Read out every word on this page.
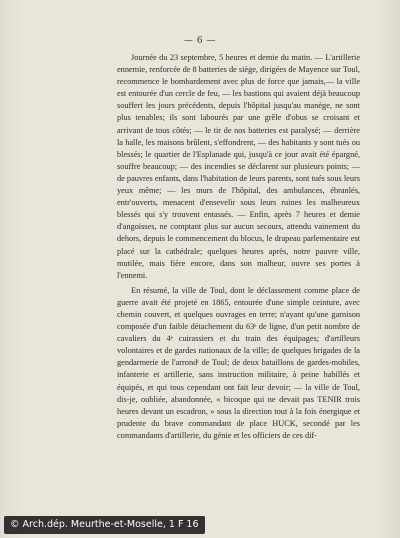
— 6 —

Journée du 23 septembre, 5 heures et demie du matin. — L'artillerie ennemie, renforcée de 8 batteries de siège, dirigées de Mayence sur Toul, recommence le bombardement avec plus de force que jamais,— la ville est entourée d'un cercle de feu, — les bastions qui avaient déjà beaucoup souffert les jours précédents, depuis l'hôpital jusqu'au manège, ne sont plus tenables; ils sont labourés par une grêle d'obus se croisant et arrivant de tous côtés; — le tir de nos batteries est paralysé; — derrière la halle, les maisons brûlent, s'effondrent, — des habitants y sont tués ou blessés; le quartier de l'Esplanade qui, jusqu'à ce jour avait été épargné, souffre beaucoup; — des incendies se déclarent sur plusieurs points; — de pauvres enfants, dans l'habitation de leurs parents, sont tués sous leurs yeux même; — les murs de l'hôpital, des ambulances, ébranlés, entr'ouverts, menacent d'ensevelir sous leurs ruines les malheureux blessés qui s'y trouvent entassés. — Enfin, après 7 heures et demie d'angoisses, ne comptant plus sur aucun secours, attendu vainement du dehors, depuis le commencement du blocus, le drapeau parlementaire est placé sur la cathédrale; quelques heures après, notre pauvre ville, mutilée, mais fière encore, dans son malheur, ouvre ses portes à l'ennemi.

En résumé, la ville de Toul, dont le déclassement comme place de guerre avait été projeté en 1865, entourée d'une simple ceinture, avec chemin couvert, et quelques ouvrages en terre; n'ayant qu'une garnison composée d'un faible détachement du 63ᵉ de ligne, d'un petit nombre de cavaliers du 4ᵉ cuirassiers et du train des équipages; d'artilleurs volontaires et de gardes nationaux de la ville; de quelques brigades de la gendarmerie de l'arrondᵗ de Toul; de deux bataillons de gardes-mobiles, infanterie et artillerie, sans instruction militaire, à peine habillés et équipés, et qui tous cependant ont fait leur devoir; — la ville de Toul, dis-je, oubliée, abandonnée, « bicoque qui ne devait pas TENIR trois heures devant un escadron, » sous la direction tout à la fois énergique et prudente du brave commandant de place HUCK, secondé par les commandants d'artillerie, du génie et les officiers de ces dif-

© Arch.dép. Meurthe-et-Moselle, 1 F 16
